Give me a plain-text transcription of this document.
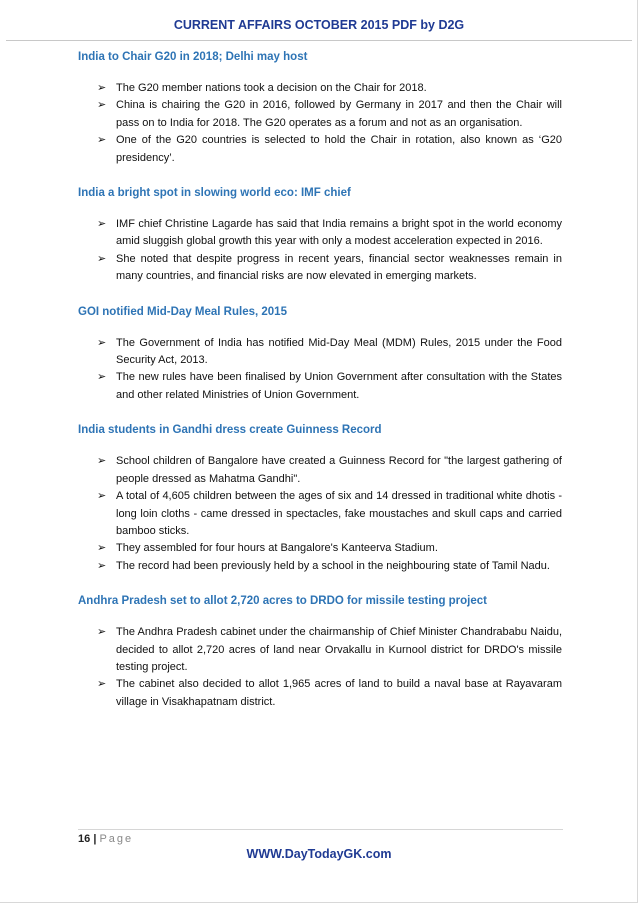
CURRENT AFFAIRS OCTOBER 2015 PDF by D2G
India to Chair G20 in 2018; Delhi may host
➢ The G20 member nations took a decision on the Chair for 2018.
➢ China is chairing the G20 in 2016, followed by Germany in 2017 and then the Chair will pass on to India for 2018. The G20 operates as a forum and not as an organisation.
➢ One of the G20 countries is selected to hold the Chair in rotation, also known as ‘G20 presidency’.
India a bright spot in slowing world eco: IMF chief
➢ IMF chief Christine Lagarde has said that India remains a bright spot in the world economy amid sluggish global growth this year with only a modest acceleration expected in 2016.
➢ She noted that despite progress in recent years, financial sector weaknesses remain in many countries, and financial risks are now elevated in emerging markets.
GOI notified Mid-Day Meal Rules, 2015
➢ The Government of India has notified Mid-Day Meal (MDM) Rules, 2015 under the Food Security Act, 2013.
➢ The new rules have been finalised by Union Government after consultation with the States and other related Ministries of Union Government.
India students in Gandhi dress create Guinness Record
➢ School children of Bangalore have created a Guinness Record for "the largest gathering of people dressed as Mahatma Gandhi".
➢ A total of 4,605 children between the ages of six and 14 dressed in traditional white dhotis - long loin cloths - came dressed in spectacles, fake moustaches and skull caps and carried bamboo sticks.
➢ They assembled for four hours at Bangalore's Kanteerva Stadium.
➢ The record had been previously held by a school in the neighbouring state of Tamil Nadu.
Andhra Pradesh set to allot 2,720 acres to DRDO for missile testing project
➢ The Andhra Pradesh cabinet under the chairmanship of Chief Minister Chandrababu Naidu, decided to allot 2,720 acres of land near Orvakallu in Kurnool district for DRDO's missile testing project.
➢ The cabinet also decided to allot 1,965 acres of land to build a naval base at Rayavaram village in Visakhapatnam district.
16 | Page
WWW.DayTodayGK.com
